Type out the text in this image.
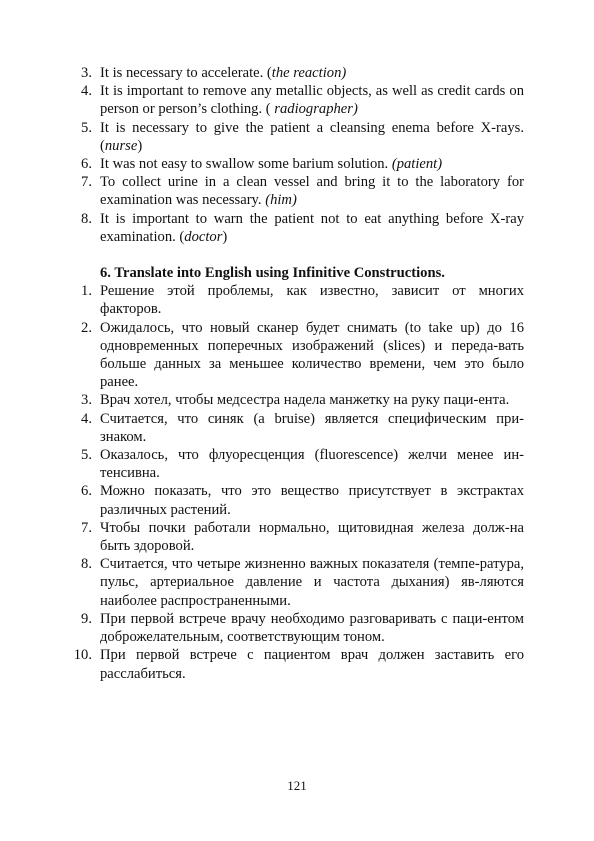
3. It is necessary to accelerate. (the reaction)
4. It is important to remove any metallic objects, as well as credit cards on person or person’s clothing. ( radiographer)
5. It is necessary to give the patient a cleansing enema before X-rays. (nurse)
6. It was not easy to swallow some barium solution. (patient)
7. To collect urine in a clean vessel and bring it to the laboratory for examination was necessary. (him)
8. It is important to warn the patient not to eat anything before X-ray examination. (doctor)

6. Translate into English using Infinitive Constructions.

1. Решение этой проблемы, как известно, зависит от многих факторов.
2. Ожидалось, что новый сканер будет снимать (to take up) до 16 одновременных поперечных изображений (slices) и переда-вать больше данных за меньшее количество времени, чем это было ранее.
3. Врач хотел, чтобы медсестра надела манжетку на руку паци-ента.
4. Считается, что синяк (a bruise) является специфическим при-знаком.
5. Оказалось, что флуоресценция (fluorescence) желчи менее ин-тенсивна.
6. Можно показать, что это вещество присутствует в экстрактах различных растений.
7. Чтобы почки работали нормально, щитовидная железа долж-на быть здоровой.
8. Считается, что четыре жизненно важных показателя (темпе-ратура, пульс, артериальное давление и частота дыхания) яв-ляются наиболее распространенными.
9. При первой встрече врачу необходимо разговаривать с паци-ентом доброжелательным, соответствующим тоном.
10. При первой встрече с пациентом врач должен заставить его расслабиться.
121
